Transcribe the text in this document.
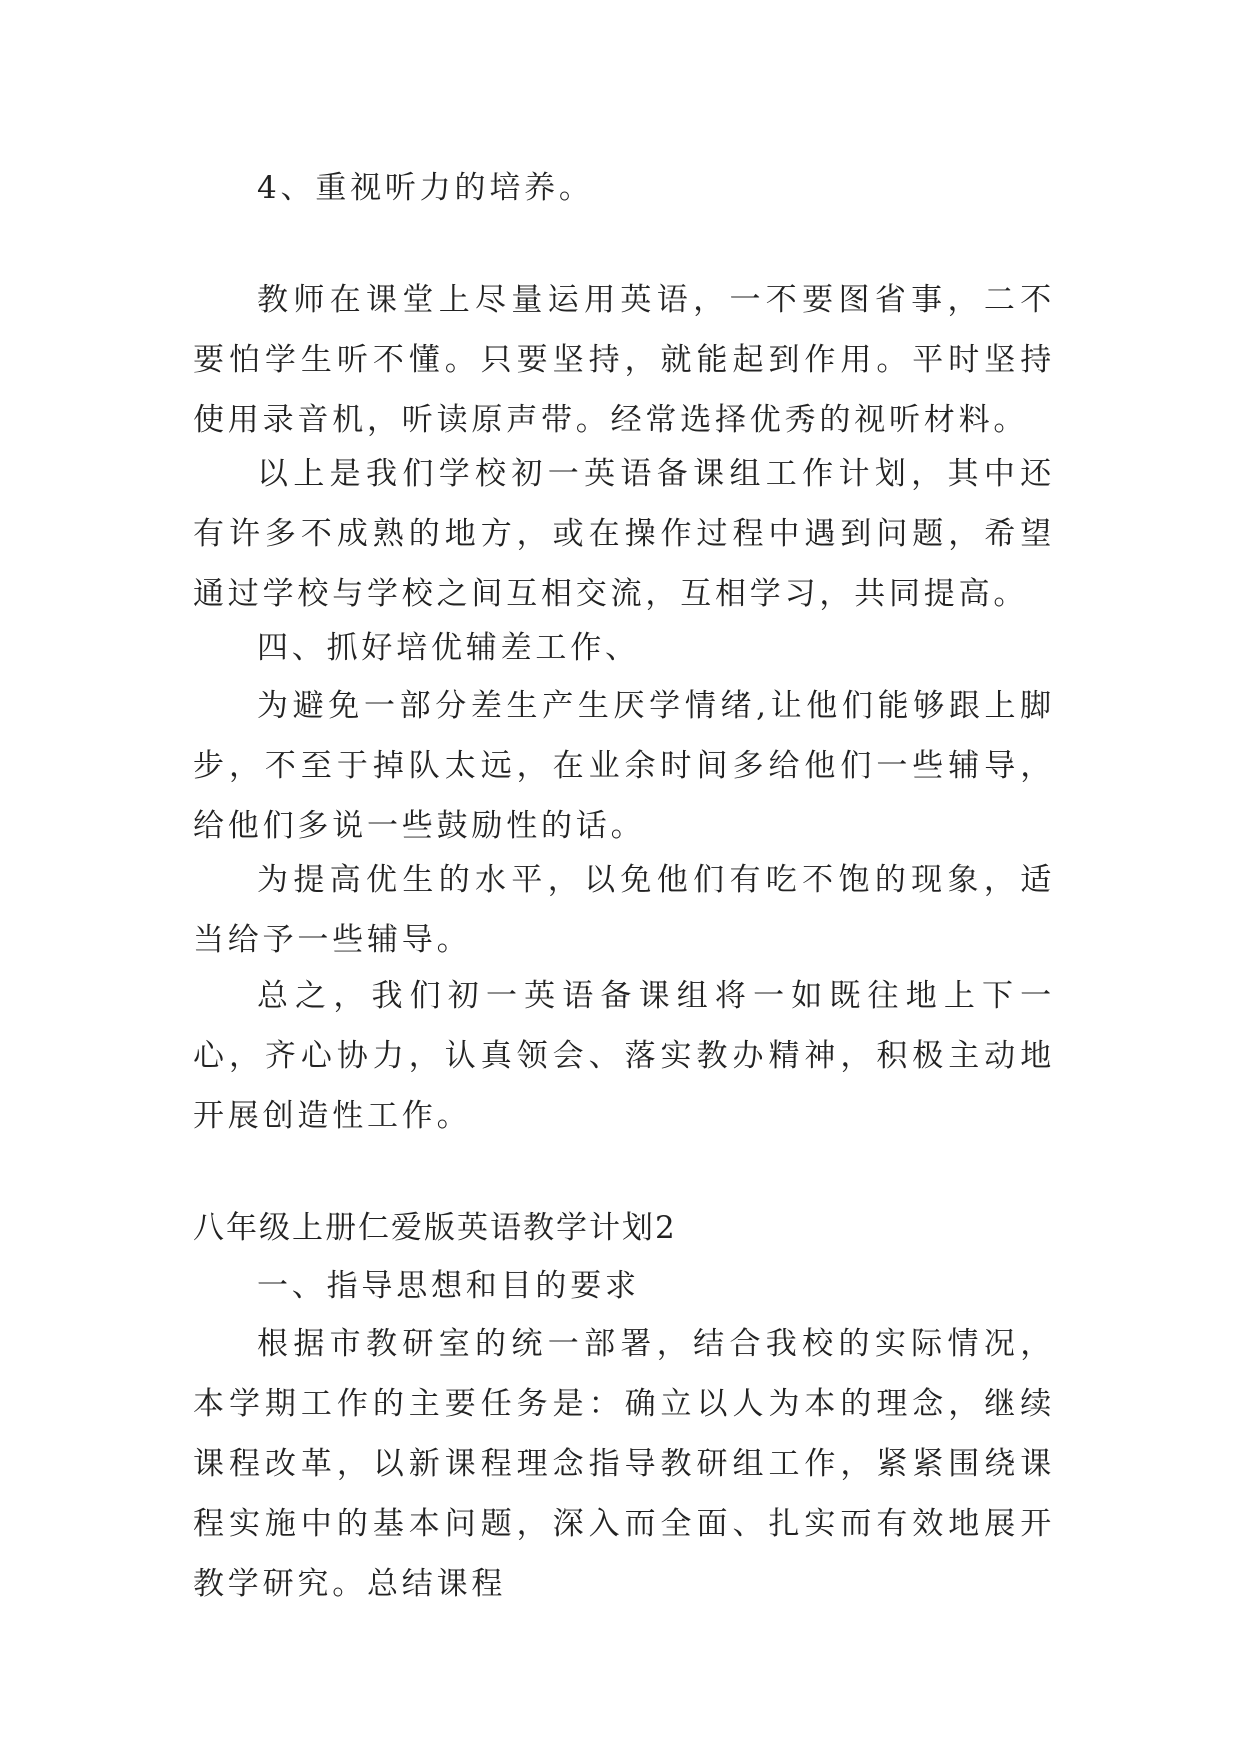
4、重视听力的培养。

教师在课堂上尽量运用英语，一不要图省事，二不要怕学生听不懂。只要坚持，就能起到作用。平时坚持使用录音机，听读原声带。经常选择优秀的视听材料。

以上是我们学校初一英语备课组工作计划，其中还有许多不成熟的地方，或在操作过程中遇到问题，希望通过学校与学校之间互相交流，互相学习，共同提高。

四、抓好培优辅差工作、

为避免一部分差生产生厌学情绪,让他们能够跟上脚步，不至于掉队太远，在业余时间多给他们一些辅导，给他们多说一些鼓励性的话。

为提高优生的水平，以免他们有吃不饱的现象，适当给予一些辅导。

总之，我们初一英语备课组将一如既往地上下一心，齐心协力，认真领会、落实教办精神，积极主动地开展创造性工作。

八年级上册仁爱版英语教学计划2

一、指导思想和目的要求

根据市教研室的统一部署，结合我校的实际情况，本学期工作的主要任务是：确立以人为本的理念，继续课程改革，以新课程理念指导教研组工作，紧紧围绕课程实施中的基本问题，深入而全面、扎实而有效地展开教学研究。总结课程
